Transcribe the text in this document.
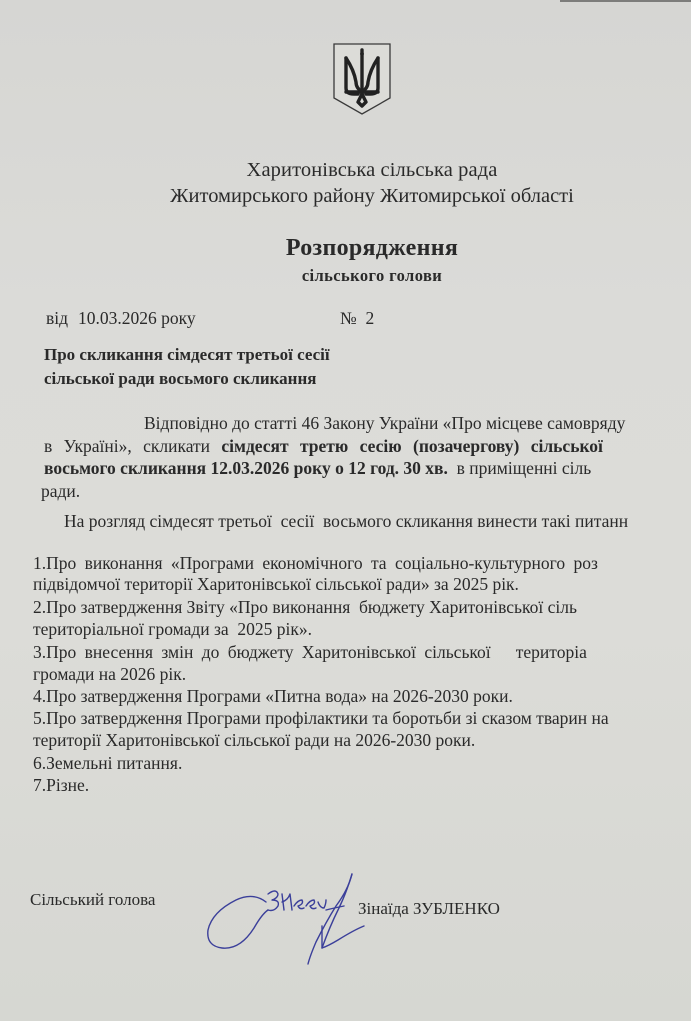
Харитонівська сільська рада
Житомирського району Житомирської області
Розпорядження
сільського голови
від 10.03.2026 року	№  2
Про скликання сімдесят третьої сесії
сільської ради восьмого скликання
Відповідно до статті 46 Закону України «Про місцеве самовряду
в Україні», скликати сімдесят третю сесію (позачергову) сільської
восьмого скликання 12.03.2026 року о 12 год. 30 хв.  в приміщенні сіль
ради.
На розгляд сімдесят третьої  сесії  восьмого скликання винести такі питанн
1.Про виконання «Програми економічного та соціально-культурного роз
підвідомчої території Харитонівської сільської ради» за 2025 рік.
2.Про затвердження Звіту «Про виконання  бюджету Харитонівської сіль
територіальної громади за  2025 рік».
3.Про внесення змін до бюджету Харитонівської сільської   територіа
громади на 2026 рік.
4.Про затвердження Програми «Питна вода» на 2026-2030 роки.
5.Про затвердження Програми профілактики та боротьби зі сказом тварин на
території Харитонівської сільської ради на 2026-2030 роки.
6.Земельні питання.
7.Різне.
Сільський голова	Зінаїда ЗУБЛЕНКО
